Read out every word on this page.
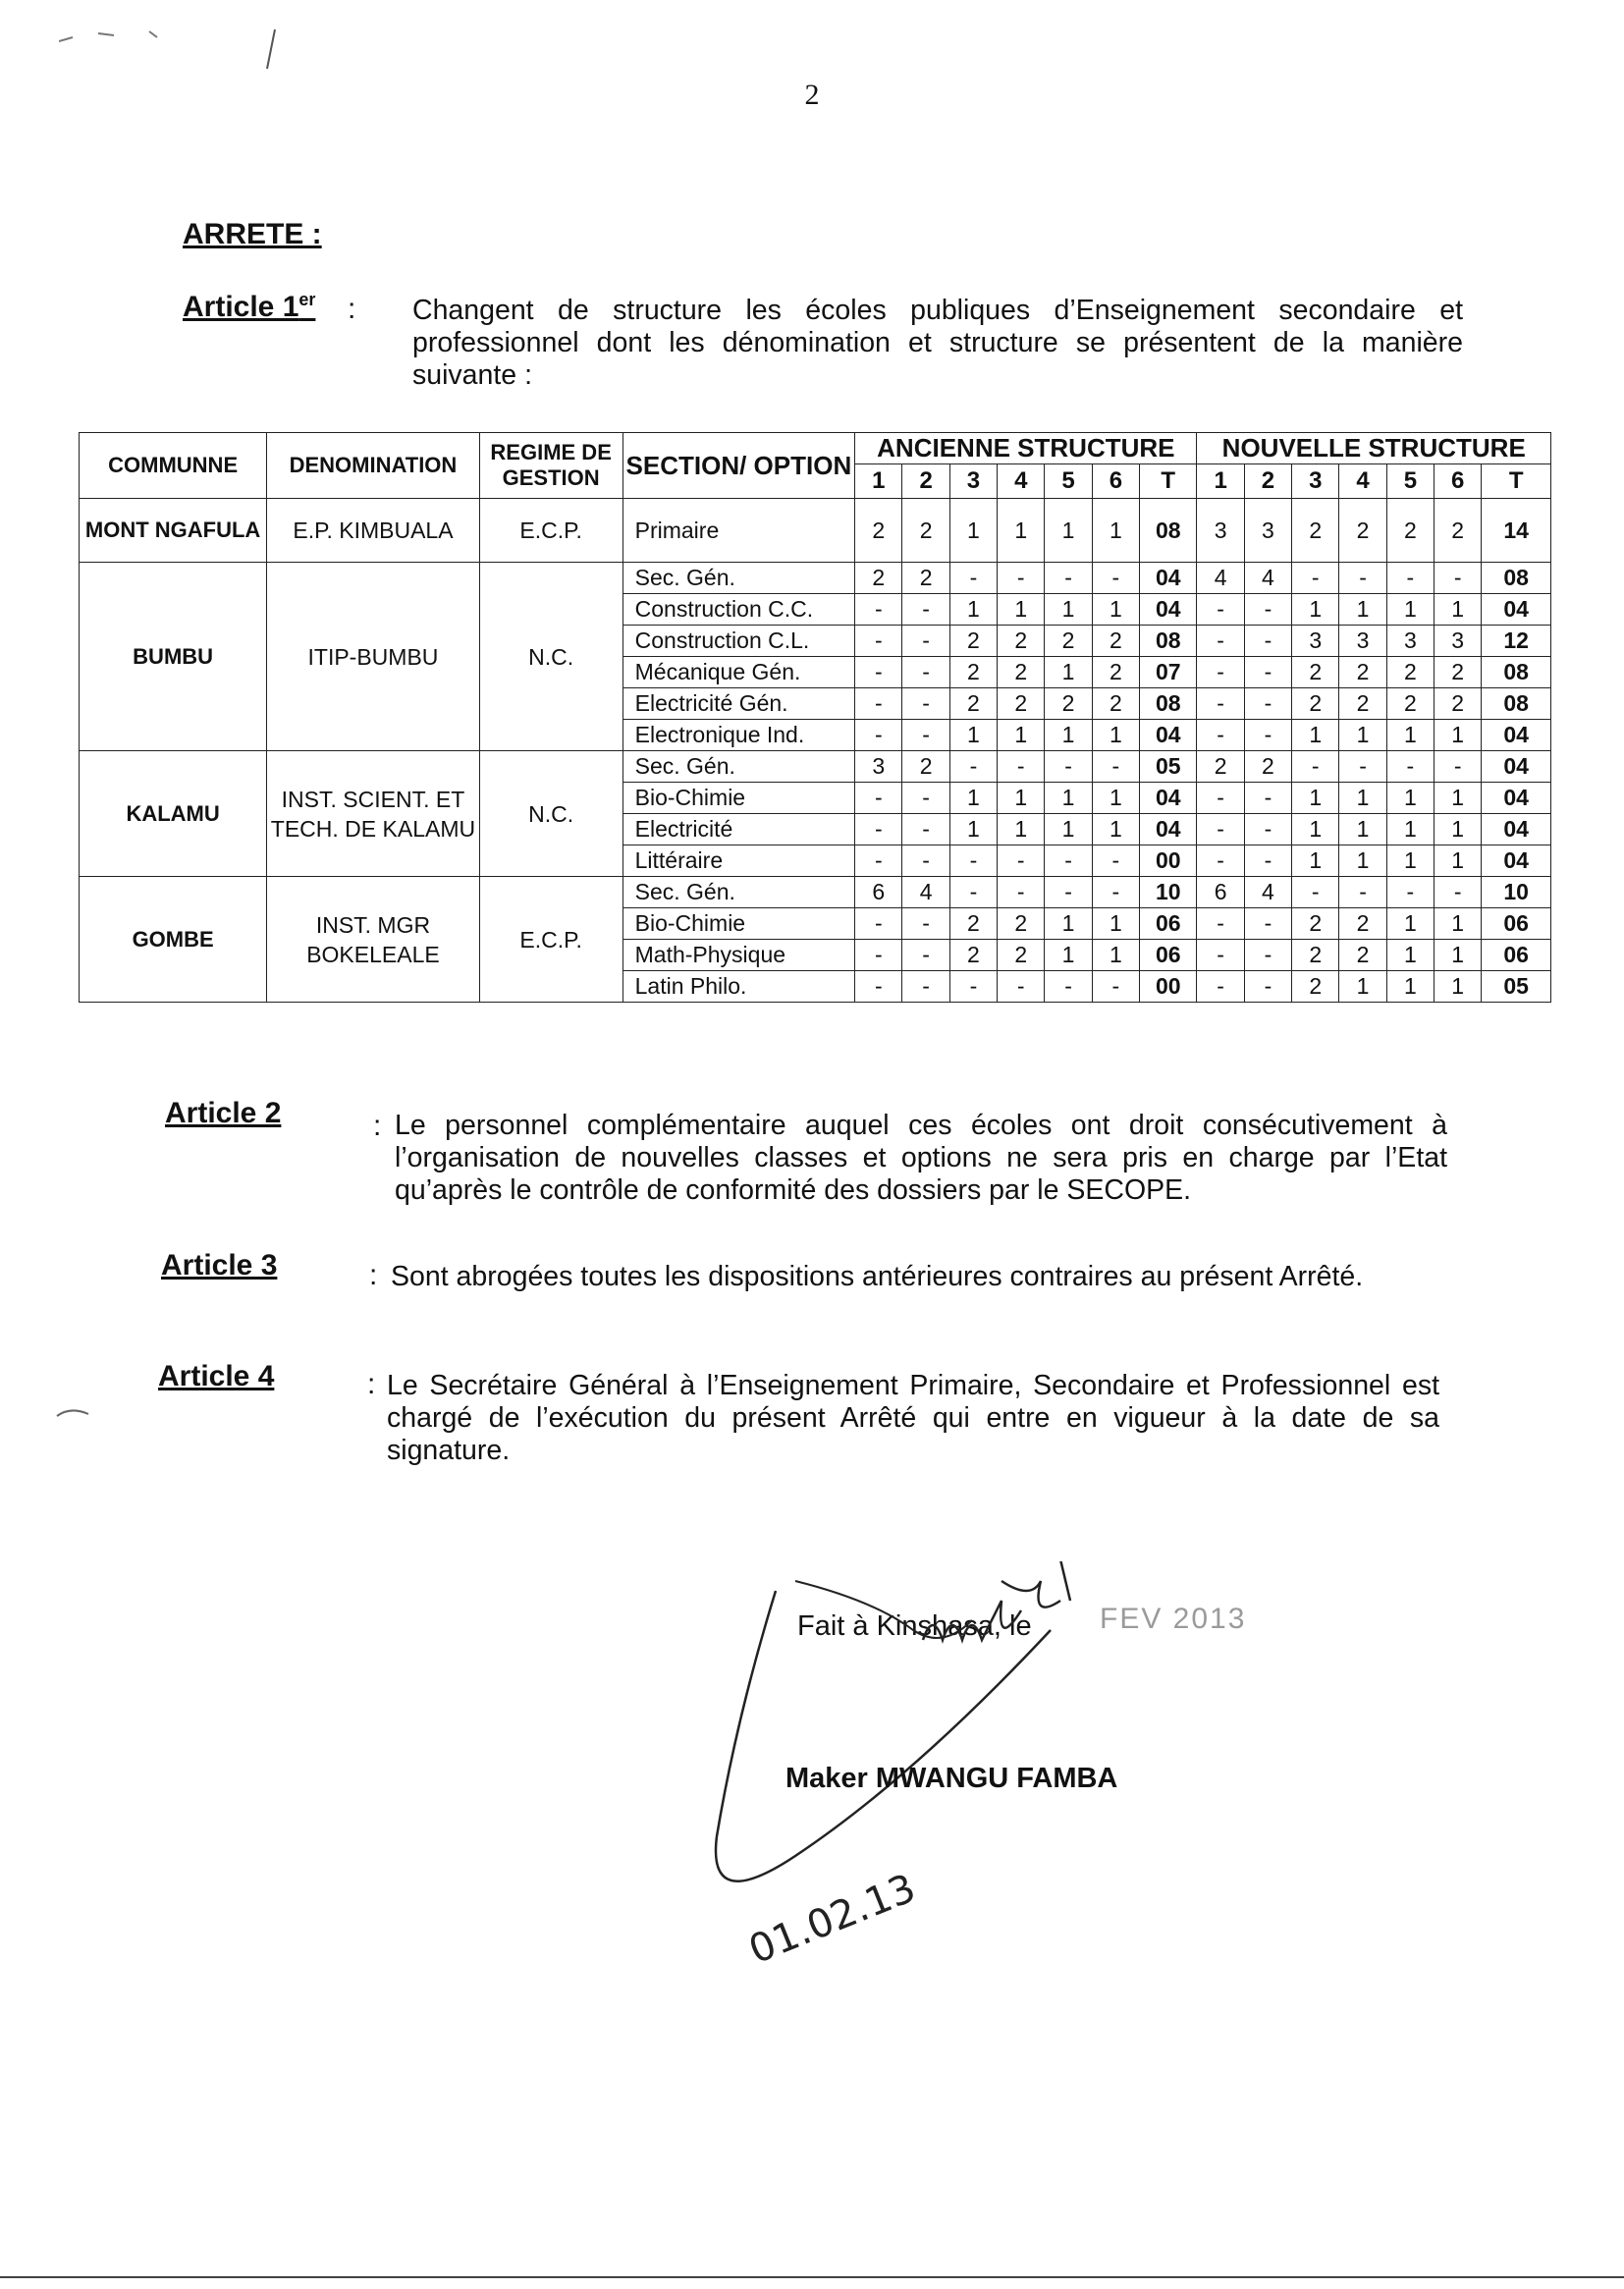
2
ARRETE :
Article 1er : Changent de structure les écoles publiques d’Enseignement secondaire et professionnel dont les dénomination et structure se présentent de la manière suivante :
COMMUNNE	DENOMINATION	REGIME DE GESTION	SECTION/ OPTION	ANCIENNE STRUCTURE							NOUVELLE STRUCTURE						
				1	2	3	4	5	6	T	1	2	3	4	5	6	T
MONT NGAFULA	E.P. KIMBUALA	E.C.P.	Primaire	2	2	1	1	1	1	08	3	3	2	2	2	2	14
BUMBU	ITIP-BUMBU	N.C.	Sec. Gén.	2	2	-	-	-	-	04	4	4	-	-	-	-	08
			Construction C.C.	-	-	1	1	1	1	04	-	-	1	1	1	1	04
			Construction C.L.	-	-	2	2	2	2	08	-	-	3	3	3	3	12
			Mécanique Gén.	-	-	2	2	1	2	07	-	-	2	2	2	2	08
			Electricité Gén.	-	-	2	2	2	2	08	-	-	2	2	2	2	08
			Electronique Ind.	-	-	1	1	1	1	04	-	-	1	1	1	1	04
KALAMU	INST. SCIENT. ET TECH. DE KALAMU	N.C.	Sec. Gén.	3	2	-	-	-	-	05	2	2	-	-	-	-	04
			Bio-Chimie	-	-	1	1	1	1	04	-	-	1	1	1	1	04
			Electricité	-	-	1	1	1	1	04	-	-	1	1	1	1	04
			Littéraire	-	-	-	-	-	-	00	-	-	1	1	1	1	04
GOMBE	INST. MGR BOKELEALE	E.C.P.	Sec. Gén.	6	4	-	-	-	-	10	6	4	-	-	-	-	10
			Bio-Chimie	-	-	2	2	1	1	06	-	-	2	2	1	1	06
			Math-Physique	-	-	2	2	1	1	06	-	-	2	2	1	1	06
			Latin Philo.	-	-	-	-	-	-	00	-	-	2	1	1	1	05
Article 2	: Le personnel complémentaire auquel ces écoles ont droit consécutivement à l’organisation de nouvelles classes et options ne sera pris en charge par l’Etat qu’après le contrôle de conformité des dossiers par le SECOPE.
Article 3	: Sont abrogées toutes les dispositions antérieures contraires au présent Arrêté.
Article 4	: Le Secrétaire Général à l’Enseignement Primaire, Secondaire et Professionnel est chargé de l’exécution du présent Arrêté qui entre en vigueur à la date de sa signature.
Fait à Kinshasa, le FEV 2013
01.02.13
Maker MWANGU FAMBA
